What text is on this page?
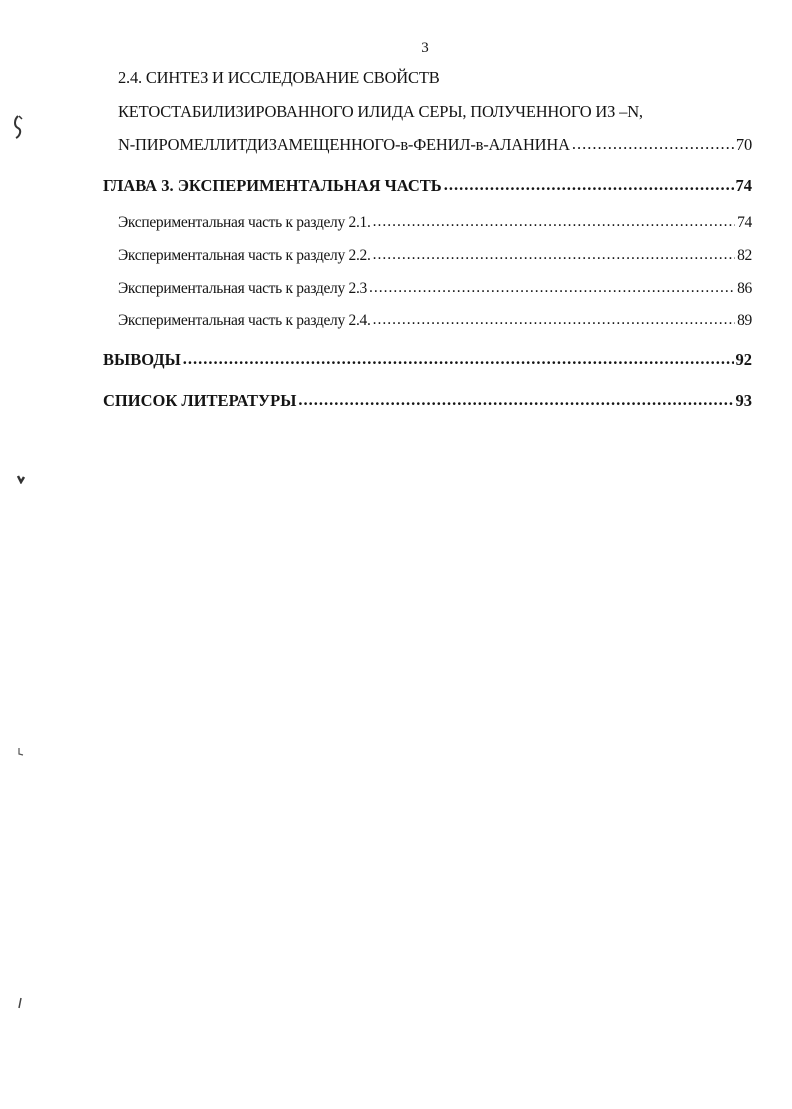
3
2.4. СИНТЕЗ И ИССЛЕДОВАНИЕ СВОЙСТВ
КЕТОСТАБИЛИЗИРОВАННОГО ИЛИДА СЕРЫ, ПОЛУЧЕННОГО ИЗ –N,
N-ПИРОМЕЛЛИТДИЗАМЕЩЕННОГО-в-ФЕНИЛ-в-АЛАНИНА .....	70
ГЛАВА 3. ЭКСПЕРИМЕНТАЛЬНАЯ ЧАСТЬ .....	74
Экспериментальная часть к разделу 2.1. .....	74
Экспериментальная часть к разделу 2.2. .....	82
Экспериментальная часть к разделу 2.3 .....	86
Экспериментальная часть к разделу 2.4. .....	89
ВЫВОДЫ .....	92
СПИСОК ЛИТЕРАТУРЫ .....	93
